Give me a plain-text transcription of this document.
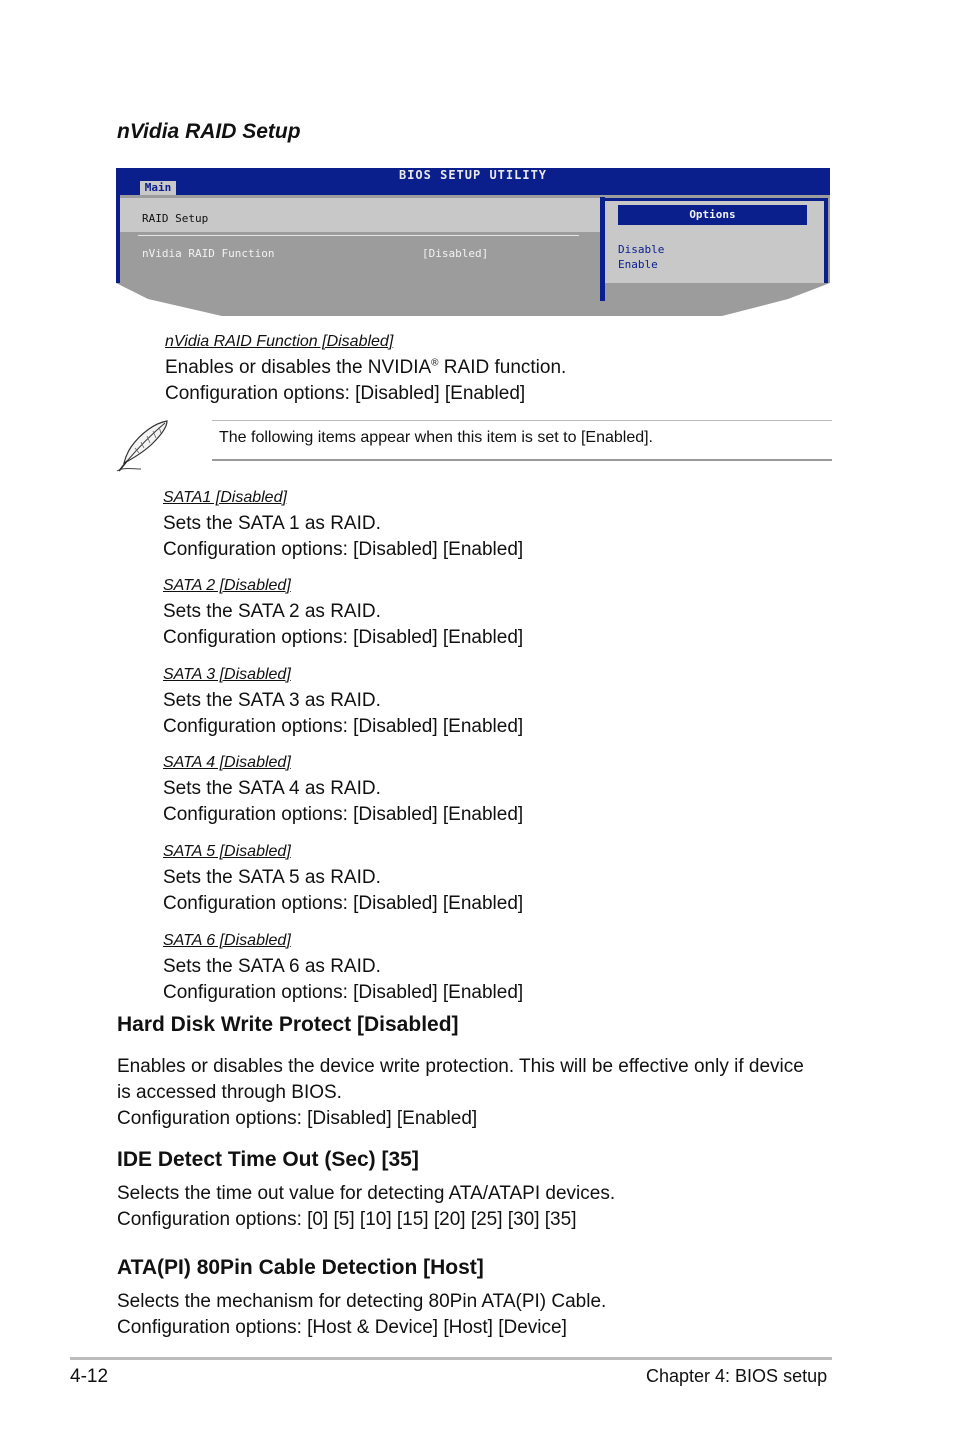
nVidia RAID Setup
BIOS SETUP UTILITY
Main
RAID Setup
nVidia RAID Function	[Disabled]
Options
Disable
Enable
nVidia RAID Function [Disabled]
Enables or disables the NVIDIA® RAID function.
Configuration options: [Disabled] [Enabled]
The following items appear when this item is set to [Enabled].
SATA1 [Disabled]
Sets the SATA 1 as RAID.
Configuration options: [Disabled] [Enabled]
SATA 2 [Disabled]
Sets the SATA 2 as RAID.
Configuration options: [Disabled] [Enabled]
SATA 3 [Disabled]
Sets the SATA 3 as RAID.
Configuration options: [Disabled] [Enabled]
SATA 4 [Disabled]
Sets the SATA 4 as RAID.
Configuration options: [Disabled] [Enabled]
SATA 5 [Disabled]
Sets the SATA 5 as RAID.
Configuration options: [Disabled] [Enabled]
SATA 6 [Disabled]
Sets the SATA 6 as RAID.
Configuration options: [Disabled] [Enabled]
Hard Disk Write Protect [Disabled]
Enables or disables the device write protection. This will be effective only if device
is accessed through BIOS.
Configuration options: [Disabled] [Enabled]
IDE Detect Time Out (Sec) [35]
Selects the time out value for detecting ATA/ATAPI devices.
Configuration options: [0] [5] [10] [15] [20] [25] [30] [35]
ATA(PI) 80Pin Cable Detection [Host]
Selects the mechanism for detecting 80Pin ATA(PI) Cable.
Configuration options: [Host & Device] [Host] [Device]
4-12	Chapter 4: BIOS setup
